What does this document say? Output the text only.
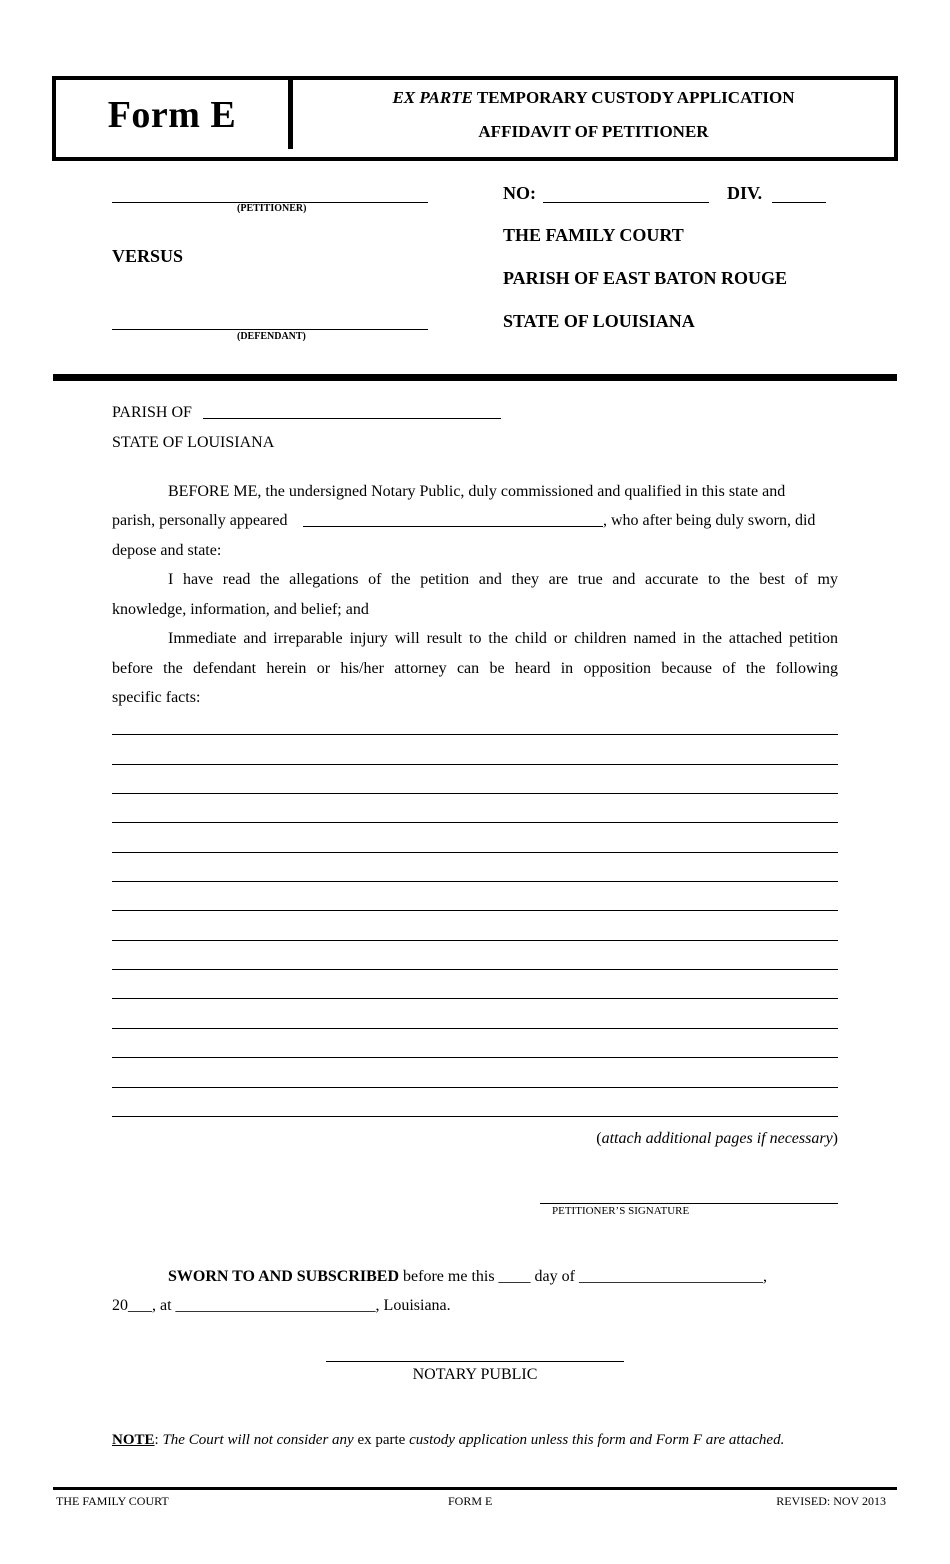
Form E	EX PARTE TEMPORARY CUSTODY APPLICATION
AFFIDAVIT OF PETITIONER
(PETITIONER)
VERSUS
(DEFENDANT)
NO:	DIV.
THE FAMILY COURT
PARISH OF EAST BATON ROUGE
STATE OF LOUISIANA
PARISH OF
STATE OF LOUISIANA
BEFORE ME, the undersigned Notary Public, duly commissioned and qualified in this state and
parish, personally appeared	, who after being duly sworn, did
depose and state:
I have read the allegations of the petition and they are true and accurate to the best of my
knowledge, information, and belief; and
Immediate and irreparable injury will result to the child or children named in the attached petition
before the defendant herein or his/her attorney can be heard in opposition because of the following
specific facts:
(attach additional pages if necessary)
PETITIONER’S SIGNATURE
SWORN TO AND SUBSCRIBED before me this ____ day of _______________________,
20___, at _________________________, Louisiana.
NOTARY PUBLIC
NOTE: The Court will not consider any ex parte custody application unless this form and Form F are attached.
THE FAMILY COURT	FORM E	REVISED: NOV 2013
